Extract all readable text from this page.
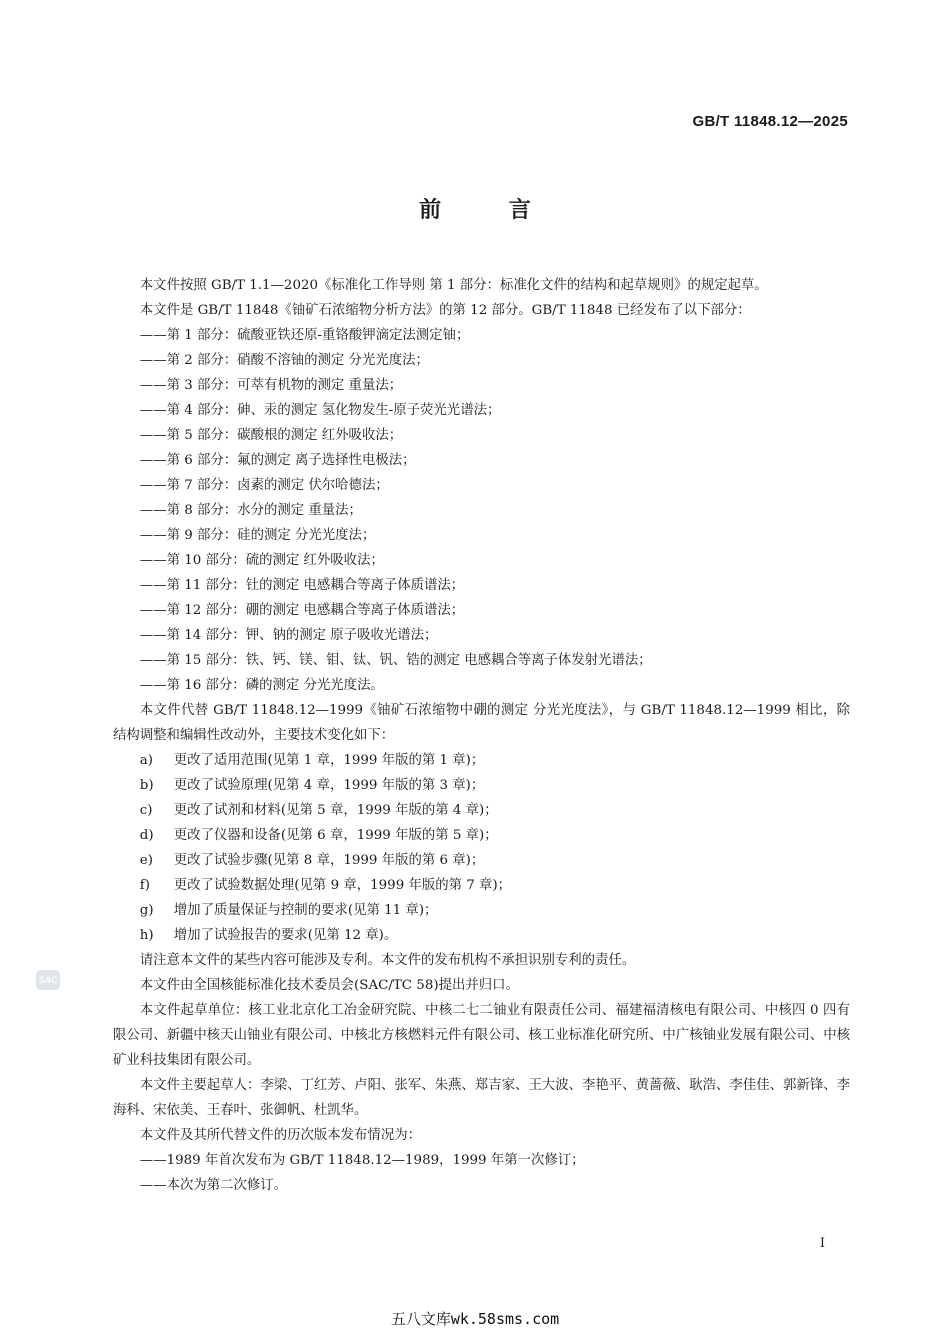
GB/T 11848.12—2025
前 言

本文件按照 GB/T 1.1—2020《标准化工作导则 第 1 部分：标准化文件的结构和起草规则》的规定起草。

本文件是 GB/T 11848《铀矿石浓缩物分析方法》的第 12 部分。GB/T 11848 已经发布了以下部分：

——第 1 部分：硫酸亚铁还原-重铬酸钾滴定法测定铀；

——第 2 部分：硝酸不溶铀的测定 分光光度法；

——第 3 部分：可萃有机物的测定 重量法；

——第 4 部分：砷、汞的测定 氢化物发生-原子荧光光谱法；

——第 5 部分：碳酸根的测定 红外吸收法；

——第 6 部分：氟的测定 离子选择性电极法；

——第 7 部分：卤素的测定 伏尔哈德法；

——第 8 部分：水分的测定 重量法；

——第 9 部分：硅的测定 分光光度法；

——第 10 部分：硫的测定 红外吸收法；

——第 11 部分：钍的测定 电感耦合等离子体质谱法；

——第 12 部分：硼的测定 电感耦合等离子体质谱法；

——第 14 部分：钾、钠的测定 原子吸收光谱法；

——第 15 部分：铁、钙、镁、钼、钛、钒、锆的测定 电感耦合等离子体发射光谱法；

——第 16 部分：磷的测定 分光光度法。

本文件代替 GB/T 11848.12—1999《铀矿石浓缩物中硼的测定 分光光度法》，与 GB/T 11848.12—1999 相比，除结构调整和编辑性改动外，主要技术变化如下：

a)	更改了适用范围(见第 1 章，1999 年版的第 1 章)；
b)	更改了试验原理(见第 4 章，1999 年版的第 3 章)；
c)	更改了试剂和材料(见第 5 章，1999 年版的第 4 章)；
d)	更改了仪器和设备(见第 6 章，1999 年版的第 5 章)；
e)	更改了试验步骤(见第 8 章，1999 年版的第 6 章)；
f)	更改了试验数据处理(见第 9 章，1999 年版的第 7 章)；
g)	增加了质量保证与控制的要求(见第 11 章)；
h)	增加了试验报告的要求(见第 12 章)。

请注意本文件的某些内容可能涉及专利。本文件的发布机构不承担识别专利的责任。

本文件由全国核能标准化技术委员会(SAC/TC 58)提出并归口。

本文件起草单位：核工业北京化工冶金研究院、中核二七二铀业有限责任公司、福建福清核电有限公司、中核四 0 四有限公司、新疆中核天山铀业有限公司、中核北方核燃料元件有限公司、核工业标准化研究所、中广核铀业发展有限公司、中核矿业科技集团有限公司。

本文件主要起草人：李梁、丁红芳、卢阳、张军、朱燕、郑吉家、王大波、李艳平、黄蔷薇、耿浩、李佳佳、郭新锋、李海科、宋依美、王春叶、张御帆、杜凯华。

本文件及其所代替文件的历次版本发布情况为：

——1989 年首次发布为 GB/T 11848.12—1989，1999 年第一次修订；

——本次为第二次修订。

SAC
I
五八文库wk.58sms.com
